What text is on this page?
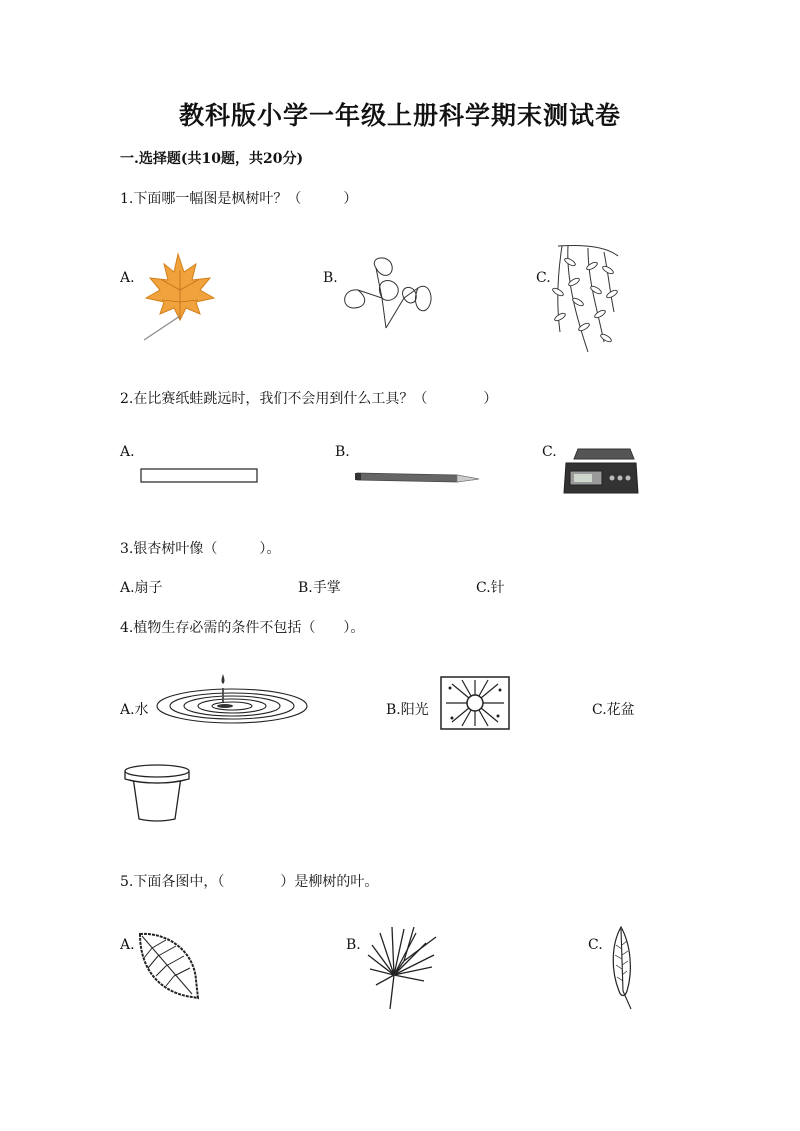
教科版小学一年级上册科学期末测试卷
一.选择题(共10题，共20分)
1.下面哪一幅图是枫树叶？（　　　）
A.	B.	C.
2.在比赛纸蛙跳远时，我们不会用到什么工具？（　　　　）
A.	B.	C.
3.银杏树叶像（　　　）。
A.扇子	B.手掌	C.针
4.植物生存必需的条件不包括（　　）。
A.水	B.阳光	C.花盆
5.下面各图中，（　　　　）是柳树的叶。
A.	B.	C.
